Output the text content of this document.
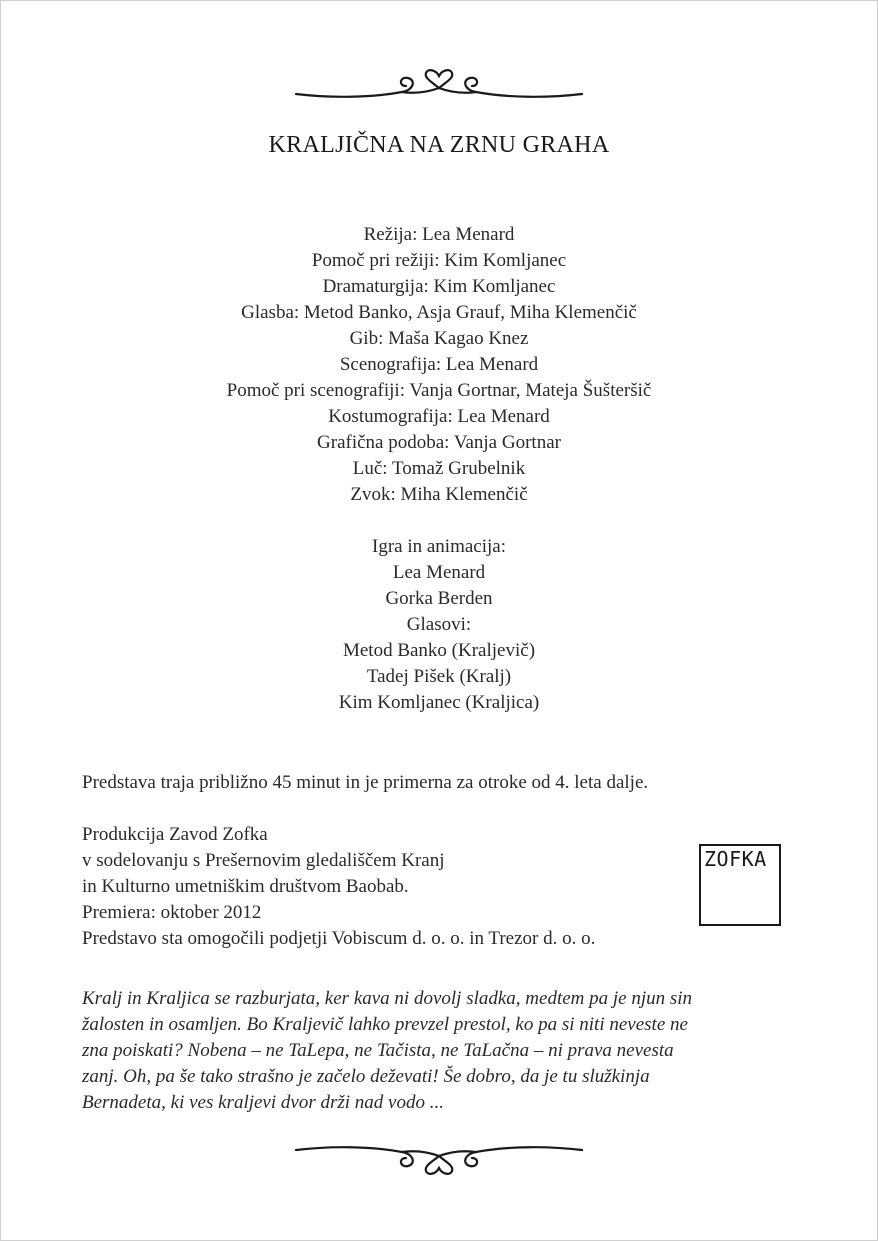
KRALJIČNA NA ZRNU GRAHA
Režija: Lea Menard
Pomoč pri režiji: Kim Komljanec
Dramaturgija: Kim Komljanec
Glasba: Metod Banko, Asja Grauf, Miha Klemenčič
Gib: Maša Kagao Knez
Scenografija: Lea Menard
Pomoč pri scenografiji: Vanja Gortnar, Mateja Šušteršič
Kostumografija: Lea Menard
Grafična podoba: Vanja Gortnar
Luč: Tomaž Grubelnik
Zvok: Miha Klemenčič
Igra in animacija:
Lea Menard
Gorka Berden
Glasovi:
Metod Banko (Kraljevič)
Tadej Pišek (Kralj)
Kim Komljanec (Kraljica)
Predstava traja približno 45 minut in je primerna za otroke od 4. leta dalje.
Produkcija Zavod Zofka
v sodelovanju s Prešernovim gledališčem Kranj
in Kulturno umetniškim društvom Baobab.
Premiera: oktober 2012
Predstavo sta omogočili podjetji Vobiscum d. o. o. in Trezor d. o. o.
ZOFKA
Kralj in Kraljica se razburjata, ker kava ni dovolj sladka, medtem pa je njun sin
žalosten in osamljen. Bo Kraljevič lahko prevzel prestol, ko pa si niti neveste ne
zna poiskati? Nobena – ne TaLepa, ne Tačista, ne TaLačna – ni prava nevesta
zanj. Oh, pa še tako strašno je začelo deževati! Še dobro, da je tu služkinja
Bernadeta, ki ves kraljevi dvor drži nad vodo ...
